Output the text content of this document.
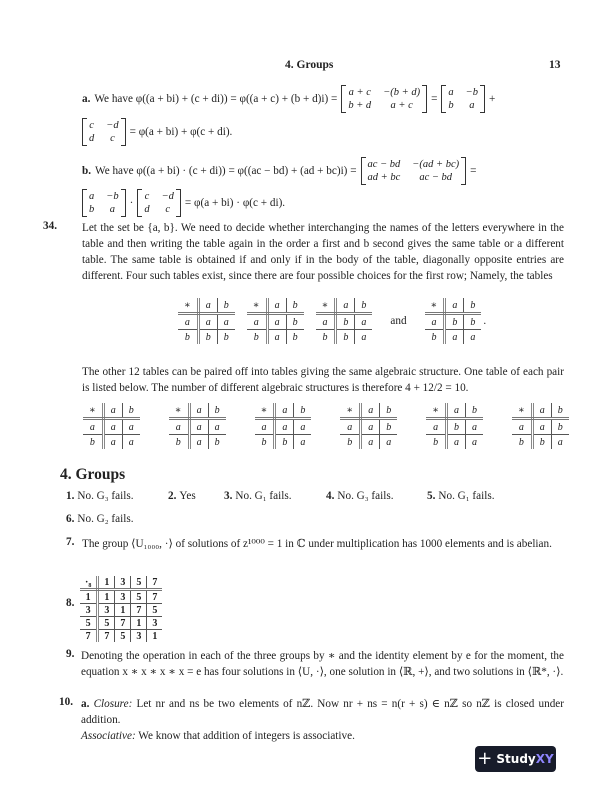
4. Groups	13
a. We have φ((a + bi) + (c + di)) = φ((a + c) + (b + d)i) =
a + c −(b + d)
b + d	a + c
=
a −b
b	a
+
c −d
d	c
= φ(a + bi) + φ(c + di).
b. We have φ((a + bi) · (c + di)) = φ((ac − bd) + (ad + bc)i) =
ac − bd −(ad + bc)
ad + bc	ac − bd
=
a −b
b	a
·
c −d
d	c
= φ(a + bi) · φ(c + di).
34. Let the set be {a, b}. We need to decide whether interchanging the names of the letters everywhere in the table and then writing the table again in the order a first and b second gives the same table or a different table. The same table is obtained if and only if in the body of the table, diagonally opposite entries are different. Four such tables exist, since there are four possible choices for the first row; Namely, the tables
∗	a	b
a	a	a
b	b	b
∗	a	b
a	a	b
b	a	b
∗	a	b
a	b	a
b	b	a
and
∗	a	b
a	b	b
b	a	a
.
The other 12 tables can be paired off into tables giving the same algebraic structure. One table of each pair is listed below. The number of different algebraic structures is therefore 4 + 12/2 = 10.
∗	a	b
a	a	a
b	a	a
∗	a	b
a	a	a
b	a	b
∗	a	b
a	a	a
b	b	a
∗	a	b
a	a	b
b	a	a
∗	a	b
a	b	a
b	a	a
∗	a	b
a	a	b
b	b	a
4. Groups
1. No. G₃ fails.	2. Yes	3. No. G₁ fails.	4. No. G₃ fails.	5. No. G₁ fails.
6. No. G₂ fails.
7. The group ⟨U₁₀₀₀, ·⟩ of solutions of z¹⁰⁰⁰ = 1 in ℂ under multiplication has 1000 elements and is abelian.
8.
·₈	1	3	5	7
1	1	3	5	7
3	3	1	7	5
5	5	7	1	3
7	7	5	3	1
9. Denoting the operation in each of the three groups by ∗ and the identity element by e for the moment, the equation x ∗ x ∗ x ∗ x = e has four solutions in ⟨U, ·⟩, one solution in ⟨ℝ, +⟩, and two solutions in ⟨ℝ*, ·⟩.
10. a. Closure: Let nr and ns be two elements of nℤ. Now nr + ns = n(r + s) ∈ nℤ so nℤ is closed under addition.
Associative: We know that addition of integers is associative.
+ StudyXY
